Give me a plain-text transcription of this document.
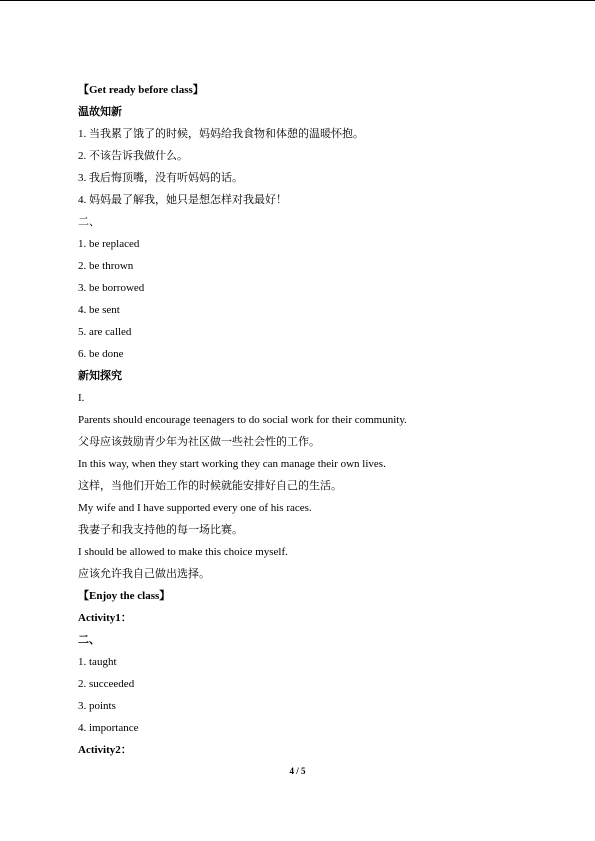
【Get ready before class】
温故知新
1. 当我累了饿了的时候，妈妈给我食物和体憩的温暖怀抱。
2. 不该告诉我做什么。
3. 我后悔顶嘴，没有听妈妈的话。
4. 妈妈最了解我，她只是想怎样对我最好！
二、
1. be replaced
2. be thrown
3. be borrowed
4. be sent
5. are called
6. be done
新知探究
I.
Parents should encourage teenagers to do social work for their community.
父母应该鼓励青少年为社区做一些社会性的工作。
In this way, when they start working they can manage their own lives.
这样，当他们开始工作的时候就能安排好自己的生活。
My wife and I have supported every one of his races.
我妻子和我支持他的每一场比赛。
I should be allowed to make this choice myself.
应该允许我自己做出选择。
【Enjoy the class】
Activity1：
二、
1. taught
2. succeeded
3. points
4. importance
Activity2：
4 / 5
